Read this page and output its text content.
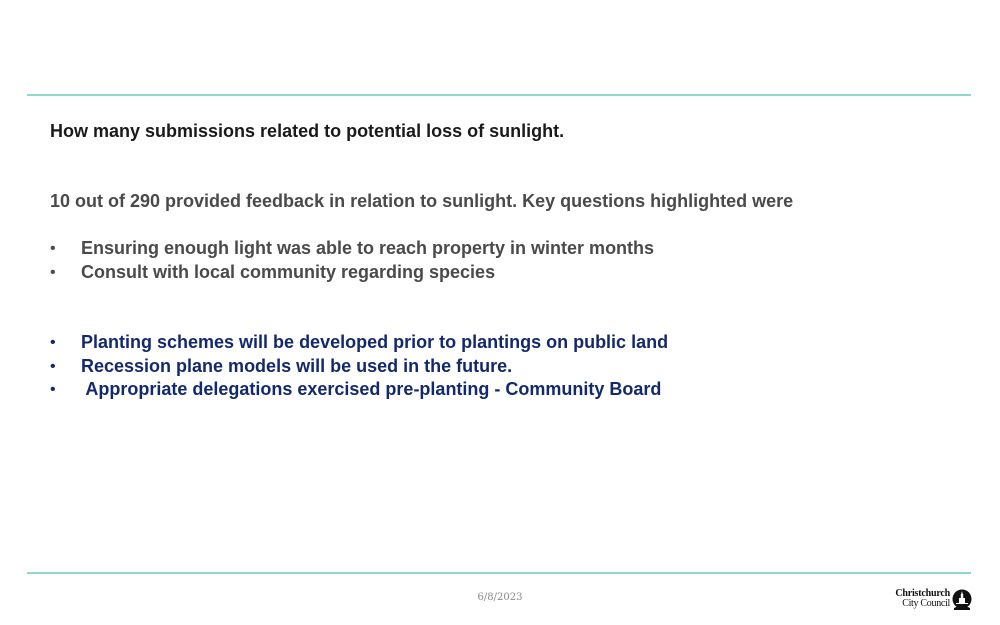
How many submissions related to potential loss of sunlight.

10 out of 290 provided feedback in relation to sunlight. Key questions highlighted were

• Ensuring enough light was able to reach property in winter months
• Consult with local community regarding species
• Planting schemes will be developed prior to plantings on public land
• Recession plane models will be used in the future.
• Appropriate delegations exercised pre-planting - Community Board
6/8/2023	Christchurch
City Council
